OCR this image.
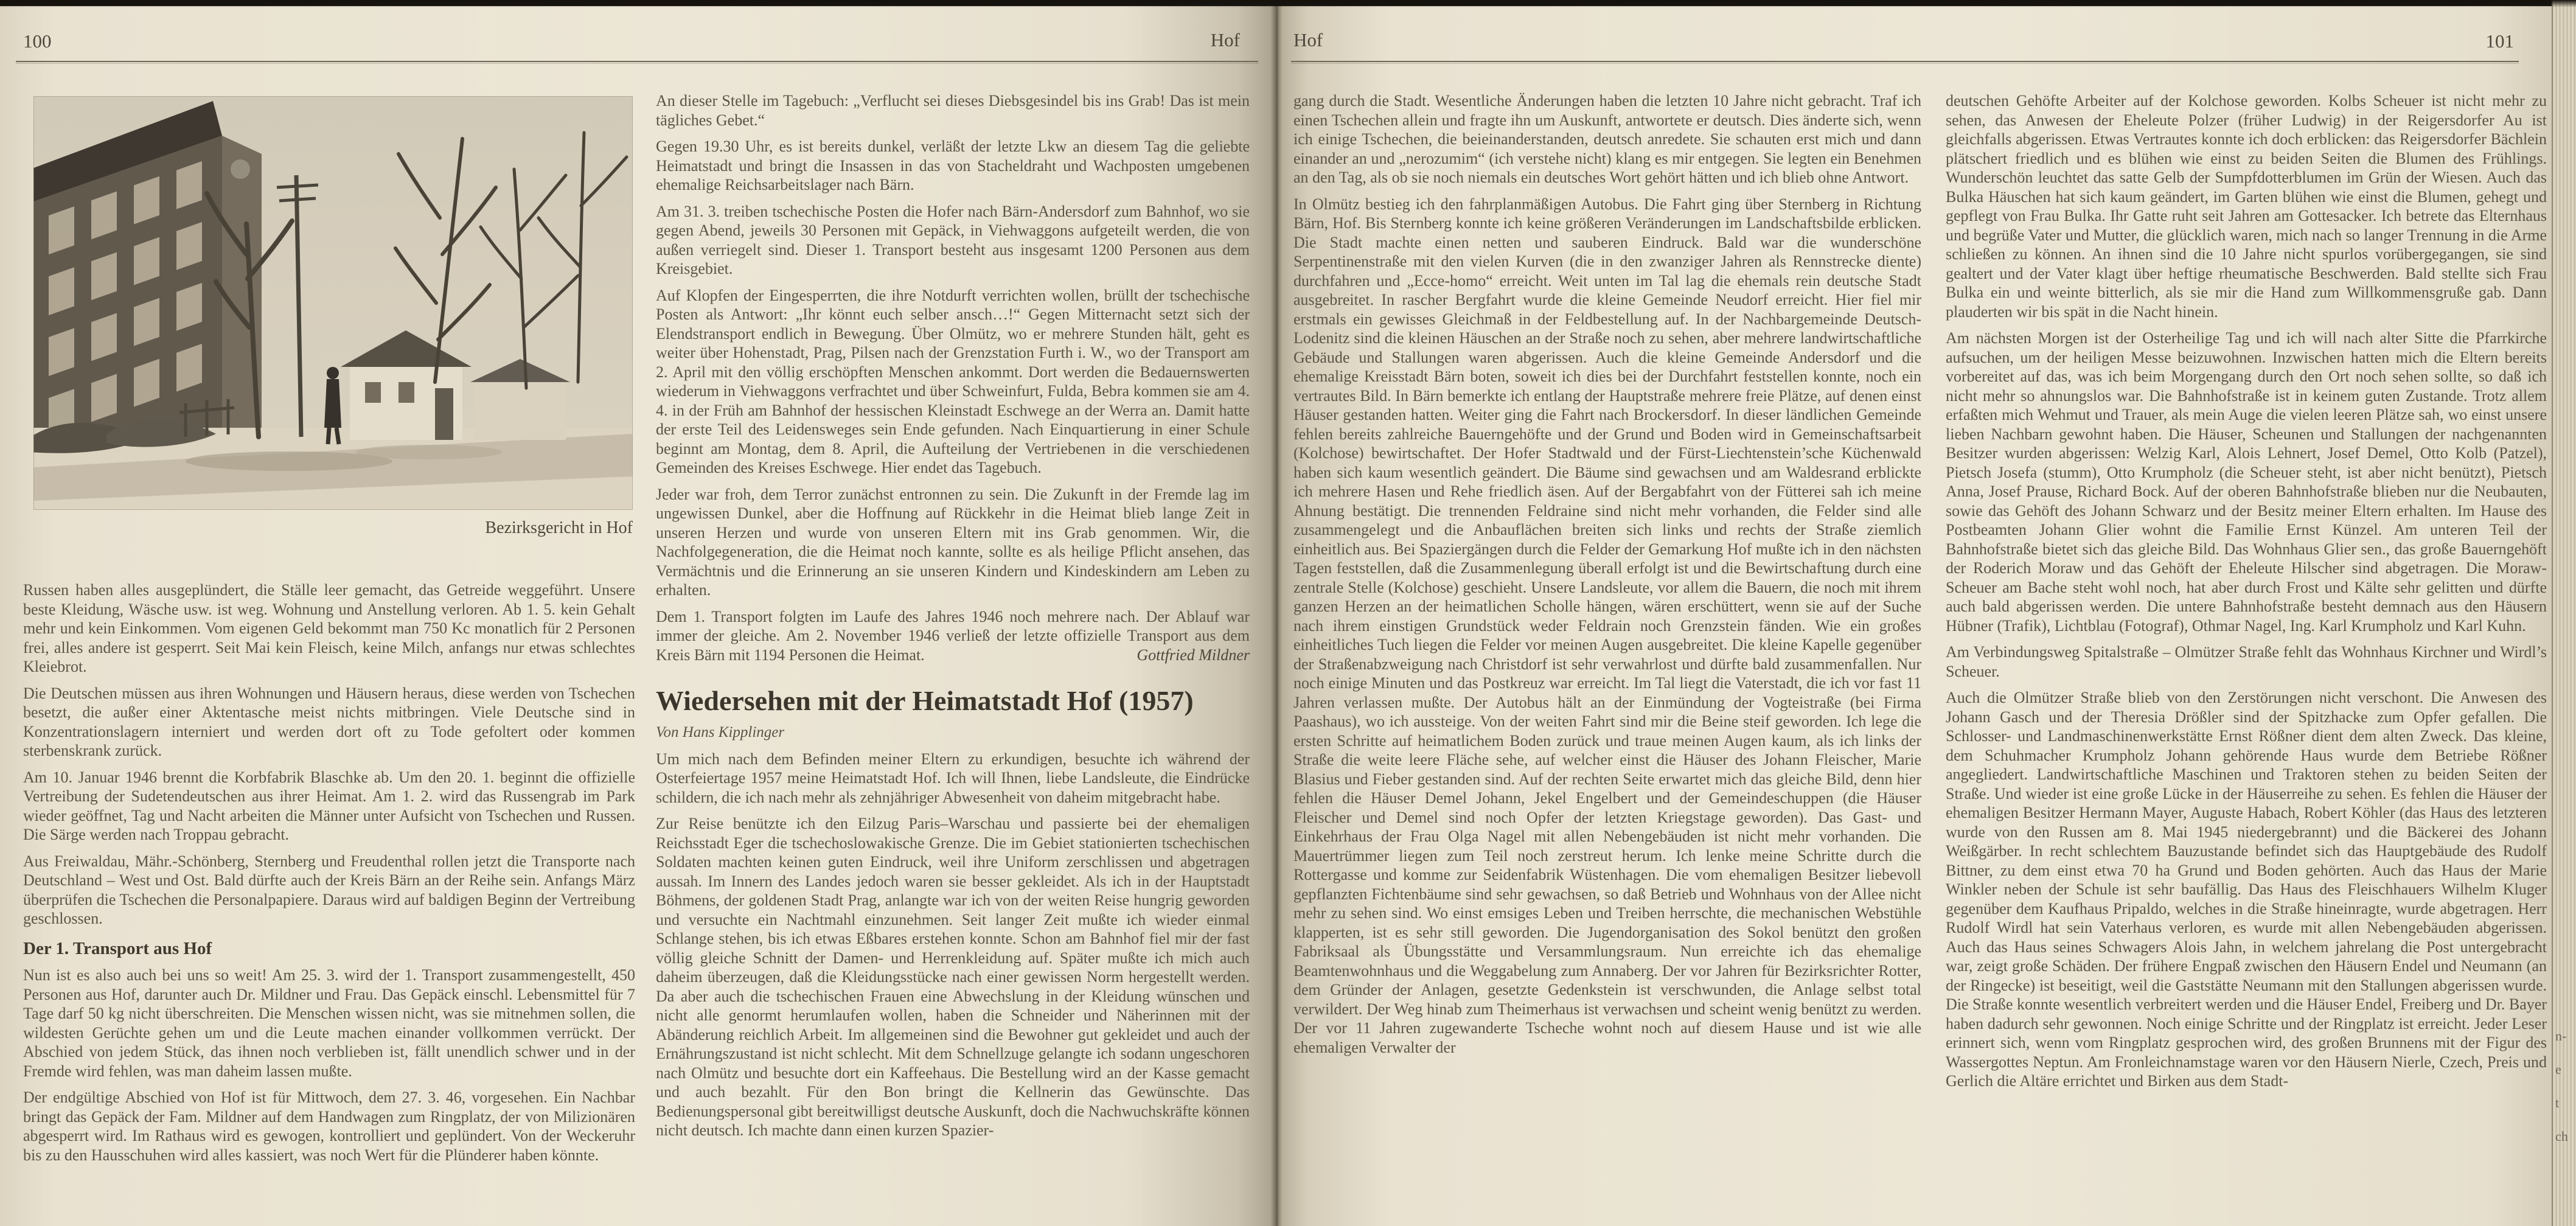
100	Hof
Bezirksgericht in Hof

Russen haben alles ausgeplündert, die Ställe leer gemacht, das Getreide weggeführt. Unsere beste Kleidung, Wäsche usw. ist weg. Wohnung und Anstellung verloren. Ab 1. 5. kein Gehalt mehr und kein Einkommen. Vom eigenen Geld bekommt man 750 Kc monatlich für 2 Personen frei, alles andere ist gesperrt. Seit Mai kein Fleisch, keine Milch, anfangs nur etwas schlechtes Kleiebrot.

Die Deutschen müssen aus ihren Wohnungen und Häusern heraus, diese werden von Tschechen besetzt, die außer einer Aktentasche meist nichts mitbringen. Viele Deutsche sind in Konzentrationslagern interniert und werden dort oft zu Tode gefoltert oder kommen sterbenskrank zurück.

Am 10. Januar 1946 brennt die Korbfabrik Blaschke ab. Um den 20. 1. beginnt die offizielle Vertreibung der Sudetendeutschen aus ihrer Heimat. Am 1. 2. wird das Russengrab im Park wieder geöffnet, Tag und Nacht arbeiten die Männer unter Aufsicht von Tschechen und Russen. Die Särge werden nach Troppau gebracht.

Aus Freiwaldau, Mähr.-Schönberg, Sternberg und Freudenthal rollen jetzt die Transporte nach Deutschland – West und Ost. Bald dürfte auch der Kreis Bärn an der Reihe sein. Anfangs März überprüfen die Tschechen die Personalpapiere. Daraus wird auf baldigen Beginn der Vertreibung geschlossen.

Der 1. Transport aus Hof

Nun ist es also auch bei uns so weit! Am 25. 3. wird der 1. Transport zusammengestellt, 450 Personen aus Hof, darunter auch Dr. Mildner und Frau. Das Gepäck einschl. Lebensmittel für 7 Tage darf 50 kg nicht überschreiten. Die Menschen wissen nicht, was sie mitnehmen sollen, die wildesten Gerüchte gehen um und die Leute machen einander vollkommen verrückt. Der Abschied von jedem Stück, das ihnen noch verblieben ist, fällt unendlich schwer und in der Fremde wird fehlen, was man daheim lassen mußte.

Der endgültige Abschied von Hof ist für Mittwoch, dem 27. 3. 46, vorgesehen. Ein Nachbar bringt das Gepäck der Fam. Mildner auf dem Handwagen zum Ringplatz, der von Milizionären abgesperrt wird. Im Rathaus wird es gewogen, kontrolliert und geplündert. Von der Weckeruhr bis zu den Hausschuhen wird alles kassiert, was noch Wert für die Plünderer haben könnte.

An dieser Stelle im Tagebuch: „Verflucht sei dieses Diebsgesindel bis ins Grab! Das ist mein tägliches Gebet.“

Gegen 19.30 Uhr, es ist bereits dunkel, verläßt der letzte Lkw an diesem Tag die geliebte Heimatstadt und bringt die Insassen in das von Stacheldraht und Wachposten umgebenen ehemalige Reichsarbeitslager nach Bärn.

Am 31. 3. treiben tschechische Posten die Hofer nach Bärn-Andersdorf zum Bahnhof, wo sie gegen Abend, jeweils 30 Personen mit Gepäck, in Viehwaggons aufgeteilt werden, die von außen verriegelt sind. Dieser 1. Transport besteht aus insgesamt 1200 Personen aus dem Kreisgebiet.

Auf Klopfen der Eingesperrten, die ihre Notdurft verrichten wollen, brüllt der tschechische Posten als Antwort: „Ihr könnt euch selber ansch…!“ Gegen Mitternacht setzt sich der Elendstransport endlich in Bewegung. Über Olmütz, wo er mehrere Stunden hält, geht es weiter über Hohenstadt, Prag, Pilsen nach der Grenzstation Furth i. W., wo der Transport am 2. April mit den völlig erschöpften Menschen ankommt. Dort werden die Bedauernswerten wiederum in Viehwaggons verfrachtet und über Schweinfurt, Fulda, Bebra kommen sie am 4. 4. in der Früh am Bahnhof der hessischen Kleinstadt Eschwege an der Werra an. Damit hatte der erste Teil des Leidensweges sein Ende gefunden. Nach Einquartierung in einer Schule beginnt am Montag, dem 8. April, die Aufteilung der Vertriebenen in die verschiedenen Gemeinden des Kreises Eschwege. Hier endet das Tagebuch.

Jeder war froh, dem Terror zunächst entronnen zu sein. Die Zukunft in der Fremde lag im ungewissen Dunkel, aber die Hoffnung auf Rückkehr in die Heimat blieb lange Zeit in unseren Herzen und wurde von unseren Eltern mit ins Grab genommen. Wir, die Nachfolgegeneration, die die Heimat noch kannte, sollte es als heilige Pflicht ansehen, das Vermächtnis und die Erinnerung an sie unseren Kindern und Kindeskindern am Leben zu erhalten.

Dem 1. Transport folgten im Laufe des Jahres 1946 noch mehrere nach. Der Ablauf war immer der gleiche. Am 2. November 1946 verließ der letzte offizielle Transport aus dem Kreis Bärn mit 1194 Personen die Heimat.	Gottfried Mildner

Wiedersehen mit der Heimatstadt Hof (1957)

Von Hans Kipplinger

Um mich nach dem Befinden meiner Eltern zu erkundigen, besuchte ich während der Osterfeiertage 1957 meine Heimatstadt Hof. Ich will Ihnen, liebe Landsleute, die Eindrücke schildern, die ich nach mehr als zehnjähriger Abwesenheit von daheim mitgebracht habe.

Zur Reise benützte ich den Eilzug Paris–Warschau und passierte bei der ehemaligen Reichsstadt Eger die tschechoslowakische Grenze. Die im Gebiet stationierten tschechischen Soldaten machten keinen guten Eindruck, weil ihre Uniform zerschlissen und abgetragen aussah. Im Innern des Landes jedoch waren sie besser gekleidet. Als ich in der Hauptstadt Böhmens, der goldenen Stadt Prag, anlangte war ich von der weiten Reise hungrig geworden und versuchte ein Nachtmahl einzunehmen. Seit langer Zeit mußte ich wieder einmal Schlange stehen, bis ich etwas Eßbares erstehen konnte. Schon am Bahnhof fiel mir der fast völlig gleiche Schnitt der Damen- und Herrenkleidung auf. Später mußte ich mich auch daheim überzeugen, daß die Kleidungsstücke nach einer gewissen Norm hergestellt werden. Da aber auch die tschechischen Frauen eine Abwechslung in der Kleidung wünschen und nicht alle genormt herumlaufen wollen, haben die Schneider und Näherinnen mit der Abänderung reichlich Arbeit. Im allgemeinen sind die Bewohner gut gekleidet und auch der Ernährungszustand ist nicht schlecht. Mit dem Schnellzuge gelangte ich sodann ungeschoren nach Olmütz und besuchte dort ein Kaffeehaus. Die Bestellung wird an der Kasse gemacht und auch bezahlt. Für den Bon bringt die Kellnerin das Gewünschte. Das Bedienungspersonal gibt bereitwilligst deutsche Auskunft, doch die Nachwuchskräfte können nicht deutsch. Ich machte dann einen kurzen Spazier-

Hof	101

gang durch die Stadt. Wesentliche Änderungen haben die letzten 10 Jahre nicht gebracht. Traf ich einen Tschechen allein und fragte ihn um Auskunft, antwortete er deutsch. Dies änderte sich, wenn ich einige Tschechen, die beieinanderstanden, deutsch anredete. Sie schauten erst mich und dann einander an und „nerozumim“ (ich verstehe nicht) klang es mir entgegen. Sie legten ein Benehmen an den Tag, als ob sie noch niemals ein deutsches Wort gehört hätten und ich blieb ohne Antwort.

In Olmütz bestieg ich den fahrplanmäßigen Autobus. Die Fahrt ging über Sternberg in Richtung Bärn, Hof. Bis Sternberg konnte ich keine größeren Veränderungen im Landschaftsbilde erblicken. Die Stadt machte einen netten und sauberen Eindruck. Bald war die wunderschöne Serpentinenstraße mit den vielen Kurven (die in den zwanziger Jahren als Rennstrecke diente) durchfahren und „Ecce-homo“ erreicht. Weit unten im Tal lag die ehemals rein deutsche Stadt ausgebreitet. In rascher Bergfahrt wurde die kleine Gemeinde Neudorf erreicht. Hier fiel mir erstmals ein gewisses Gleichmaß in der Feldbestellung auf. In der Nachbargemeinde Deutsch-Lodenitz sind die kleinen Häuschen an der Straße noch zu sehen, aber mehrere landwirtschaftliche Gebäude und Stallungen waren abgerissen. Auch die kleine Gemeinde Andersdorf und die ehemalige Kreisstadt Bärn boten, soweit ich dies bei der Durchfahrt feststellen konnte, noch ein vertrautes Bild. In Bärn bemerkte ich entlang der Hauptstraße mehrere freie Plätze, auf denen einst Häuser gestanden hatten. Weiter ging die Fahrt nach Brockersdorf. In dieser ländlichen Gemeinde fehlen bereits zahlreiche Bauerngehöfte und der Grund und Boden wird in Gemeinschaftsarbeit (Kolchose) bewirtschaftet. Der Hofer Stadtwald und der Fürst-Liechtenstein’sche Küchenwald haben sich kaum wesentlich geändert. Die Bäume sind gewachsen und am Waldesrand erblickte ich mehrere Hasen und Rehe friedlich äsen. Auf der Bergabfahrt von der Fütterei sah ich meine Ahnung bestätigt. Die trennenden Feldraine sind nicht mehr vorhanden, die Felder sind alle zusammengelegt und die Anbauflächen breiten sich links und rechts der Straße ziemlich einheitlich aus. Bei Spaziergängen durch die Felder der Gemarkung Hof mußte ich in den nächsten Tagen feststellen, daß die Zusammenlegung überall erfolgt ist und die Bewirtschaftung durch eine zentrale Stelle (Kolchose) geschieht. Unsere Landsleute, vor allem die Bauern, die noch mit ihrem ganzen Herzen an der heimatlichen Scholle hängen, wären erschüttert, wenn sie auf der Suche nach ihrem einstigen Grundstück weder Feldrain noch Grenzstein fänden. Wie ein großes einheitliches Tuch liegen die Felder vor meinen Augen ausgebreitet. Die kleine Kapelle gegenüber der Straßenabzweigung nach Christdorf ist sehr verwahrlost und dürfte bald zusammenfallen. Nur noch einige Minuten und das Postkreuz war erreicht. Im Tal liegt die Vaterstadt, die ich vor fast 11 Jahren verlassen mußte. Der Autobus hält an der Einmündung der Vogteistraße (bei Firma Paashaus), wo ich aussteige. Von der weiten Fahrt sind mir die Beine steif geworden. Ich lege die ersten Schritte auf heimatlichem Boden zurück und traue meinen Augen kaum, als ich links der Straße die weite leere Fläche sehe, auf welcher einst die Häuser des Johann Fleischer, Marie Blasius und Fieber gestanden sind. Auf der rechten Seite erwartet mich das gleiche Bild, denn hier fehlen die Häuser Demel Johann, Jekel Engelbert und der Gemeindeschuppen (die Häuser Fleischer und Demel sind noch Opfer der letzten Kriegstage geworden). Das Gast- und Einkehrhaus der Frau Olga Nagel mit allen Nebengebäuden ist nicht mehr vorhanden. Die Mauertrümmer liegen zum Teil noch zerstreut herum. Ich lenke meine Schritte durch die Rottergasse und komme zur Seidenfabrik Wüstenhagen. Die vom ehemaligen Besitzer liebevoll gepflanzten Fichtenbäume sind sehr gewachsen, so daß Betrieb und Wohnhaus von der Allee nicht mehr zu sehen sind. Wo einst emsiges Leben und Treiben herrschte, die mechanischen Webstühle klapperten, ist es sehr still geworden. Die Jugendorganisation des Sokol benützt den großen Fabriksaal als Übungsstätte und Versammlungsraum. Nun erreichte ich das ehemalige Beamtenwohnhaus und die Weggabelung zum Annaberg. Der vor Jahren für Bezirksrichter Rotter, dem Gründer der Anlagen, gesetzte Gedenkstein ist verschwunden, die Anlage selbst total verwildert. Der Weg hinab zum Theimerhaus ist verwachsen und scheint wenig benützt zu werden. Der vor 11 Jahren zugewanderte Tscheche wohnt noch auf diesem Hause und ist wie alle ehemaligen Verwalter der

deutschen Gehöfte Arbeiter auf der Kolchose geworden. Kolbs Scheuer ist nicht mehr zu sehen, das Anwesen der Eheleute Polzer (früher Ludwig) in der Reigersdorfer Au ist gleichfalls abgerissen. Etwas Vertrautes konnte ich doch erblicken: das Reigersdorfer Bächlein plätschert friedlich und es blühen wie einst zu beiden Seiten die Blumen des Frühlings. Wunderschön leuchtet das satte Gelb der Sumpfdotterblumen im Grün der Wiesen. Auch das Bulka Häuschen hat sich kaum geändert, im Garten blühen wie einst die Blumen, gehegt und gepflegt von Frau Bulka. Ihr Gatte ruht seit Jahren am Gottesacker. Ich betrete das Elternhaus und begrüße Vater und Mutter, die glücklich waren, mich nach so langer Trennung in die Arme schließen zu können. An ihnen sind die 10 Jahre nicht spurlos vorübergegangen, sie sind gealtert und der Vater klagt über heftige rheumatische Beschwerden. Bald stellte sich Frau Bulka ein und weinte bitterlich, als sie mir die Hand zum Willkommensgruße gab. Dann plauderten wir bis spät in die Nacht hinein.

Am nächsten Morgen ist der Osterheilige Tag und ich will nach alter Sitte die Pfarrkirche aufsuchen, um der heiligen Messe beizuwohnen. Inzwischen hatten mich die Eltern bereits vorbereitet auf das, was ich beim Morgengang durch den Ort noch sehen sollte, so daß ich nicht mehr so ahnungslos war. Die Bahnhofstraße ist in keinem guten Zustande. Trotz allem erfaßten mich Wehmut und Trauer, als mein Auge die vielen leeren Plätze sah, wo einst unsere lieben Nachbarn gewohnt haben. Die Häuser, Scheunen und Stallungen der nachgenannten Besitzer wurden abgerissen: Welzig Karl, Alois Lehnert, Josef Demel, Otto Kolb (Patzel), Pietsch Josefa (stumm), Otto Krumpholz (die Scheuer steht, ist aber nicht benützt), Pietsch Anna, Josef Prause, Richard Bock. Auf der oberen Bahnhofstraße blieben nur die Neubauten, sowie das Gehöft des Johann Schwarz und der Besitz meiner Eltern erhalten. Im Hause des Postbeamten Johann Glier wohnt die Familie Ernst Künzel. Am unteren Teil der Bahnhofstraße bietet sich das gleiche Bild. Das Wohnhaus Glier sen., das große Bauerngehöft der Roderich Moraw und das Gehöft der Eheleute Hilscher sind abgetragen. Die Moraw-Scheuer am Bache steht wohl noch, hat aber durch Frost und Kälte sehr gelitten und dürfte auch bald abgerissen werden. Die untere Bahnhofstraße besteht demnach aus den Häusern Hübner (Trafik), Lichtblau (Fotograf), Othmar Nagel, Ing. Karl Krumpholz und Karl Kuhn.

Am Verbindungsweg Spitalstraße – Olmützer Straße fehlt das Wohnhaus Kirchner und Wirdl’s Scheuer.

Auch die Olmützer Straße blieb von den Zerstörungen nicht verschont. Die Anwesen des Johann Gasch und der Theresia Drößler sind der Spitzhacke zum Opfer gefallen. Die Schlosser- und Landmaschinenwerkstätte Ernst Rößner dient dem alten Zweck. Das kleine, dem Schuhmacher Krumpholz Johann gehörende Haus wurde dem Betriebe Rößner angegliedert. Landwirtschaftliche Maschinen und Traktoren stehen zu beiden Seiten der Straße. Und wieder ist eine große Lücke in der Häuserreihe zu sehen. Es fehlen die Häuser der ehemaligen Besitzer Hermann Mayer, Auguste Habach, Robert Köhler (das Haus des letzteren wurde von den Russen am 8. Mai 1945 niedergebrannt) und die Bäckerei des Johann Weißgärber. In recht schlechtem Bauzustande befindet sich das Hauptgebäude des Rudolf Bittner, zu dem einst etwa 70 ha Grund und Boden gehörten. Auch das Haus der Marie Winkler neben der Schule ist sehr baufällig. Das Haus des Fleischhauers Wilhelm Kluger gegenüber dem Kaufhaus Pripaldo, welches in die Straße hineinragte, wurde abgetragen. Herr Rudolf Wirdl hat sein Vaterhaus verloren, es wurde mit allen Nebengebäuden abgerissen. Auch das Haus seines Schwagers Alois Jahn, in welchem jahrelang die Post untergebracht war, zeigt große Schäden. Der frühere Engpaß zwischen den Häusern Endel und Neumann (an der Ringecke) ist beseitigt, weil die Gaststätte Neumann mit den Stallungen abgerissen wurde. Die Straße konnte wesentlich verbreitert werden und die Häuser Endel, Freiberg und Dr. Bayer haben dadurch sehr gewonnen. Noch einige Schritte und der Ringplatz ist erreicht. Jeder Leser erinnert sich, wenn vom Ringplatz gesprochen wird, des großen Brunnens mit der Figur des Wassergottes Neptun. Am Fronleichnamstage waren vor den Häusern Nierle, Czech, Preis und Gerlich die Altäre errichtet und Birken aus dem Stadt-

n-
e
t
ch
